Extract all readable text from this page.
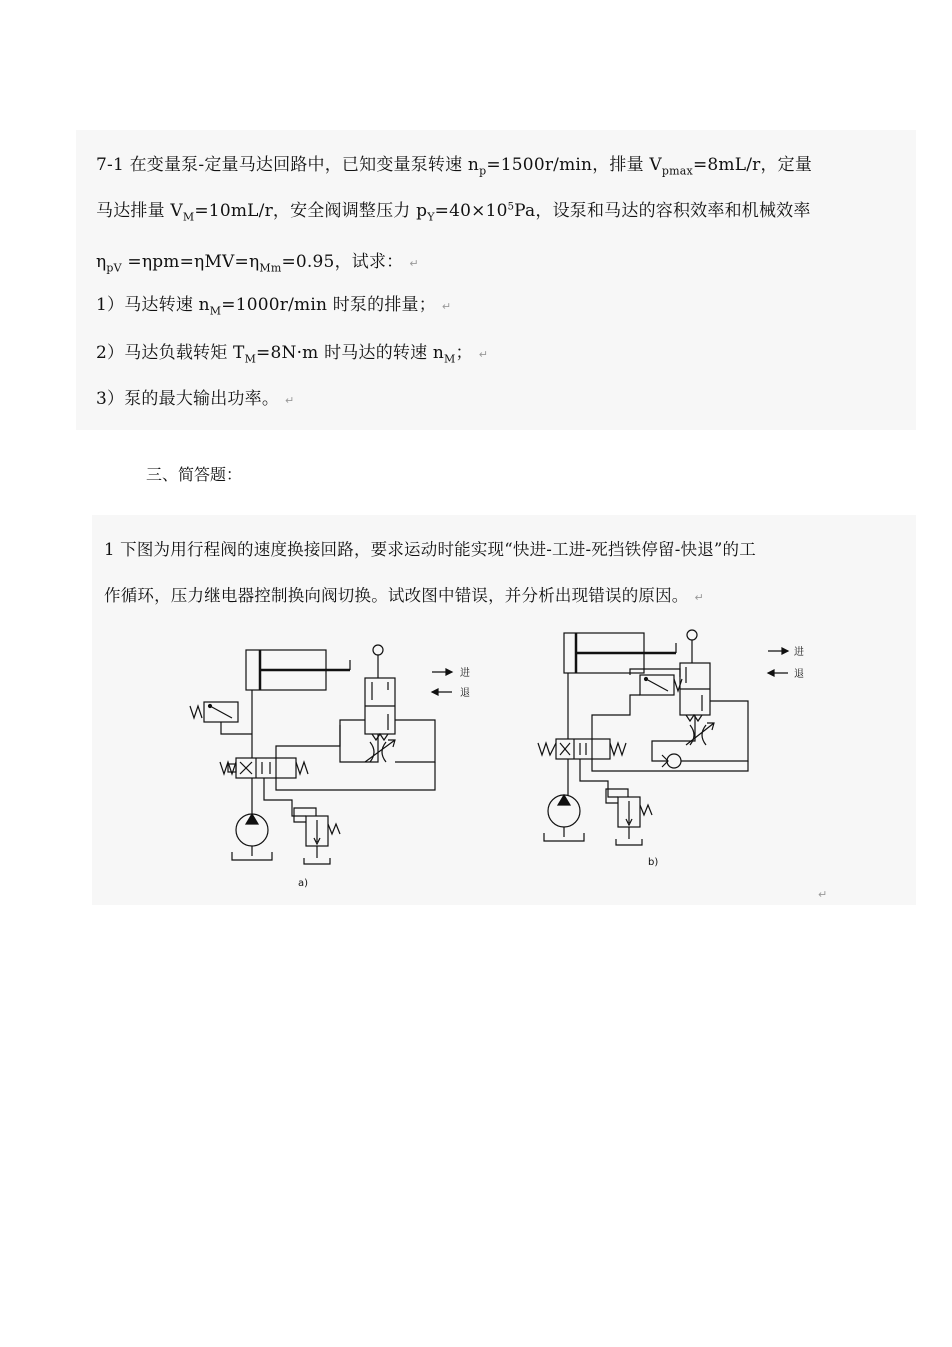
7-1 在变量泵-定量马达回路中，已知变量泵转速 $n_p=1500r/\min$，排量 $V_{pmax}=8mL/r$，定量
马达排量 $V_M=10mL/r$，安全阀调整压力 $p_Y=40\times 10^5Pa$，设泵和马达的容积效率和机械效率
$\eta_{pV} =\eta pm=\eta MV=\eta_{Mm}=0.95$，试求： ↵
1）马达转速 $n_M=1000r/\min$ 时泵的排量； ↵
2）马达负载转矩 $T_M=8N\cdot m$ 时马达的转速 $n_M$； ↵
3）泵的最大输出功率。 ↵
三、简答题：
1 下图为用行程阀的速度换接回路，要求运动时能实现“快进-工进-死挡铁停留-快退”的工
作循环，压力继电器控制换向阀切换。试改图中错误，并分析出现错误的原因。 ↵
↵
进
退
a)
进
退
b)
